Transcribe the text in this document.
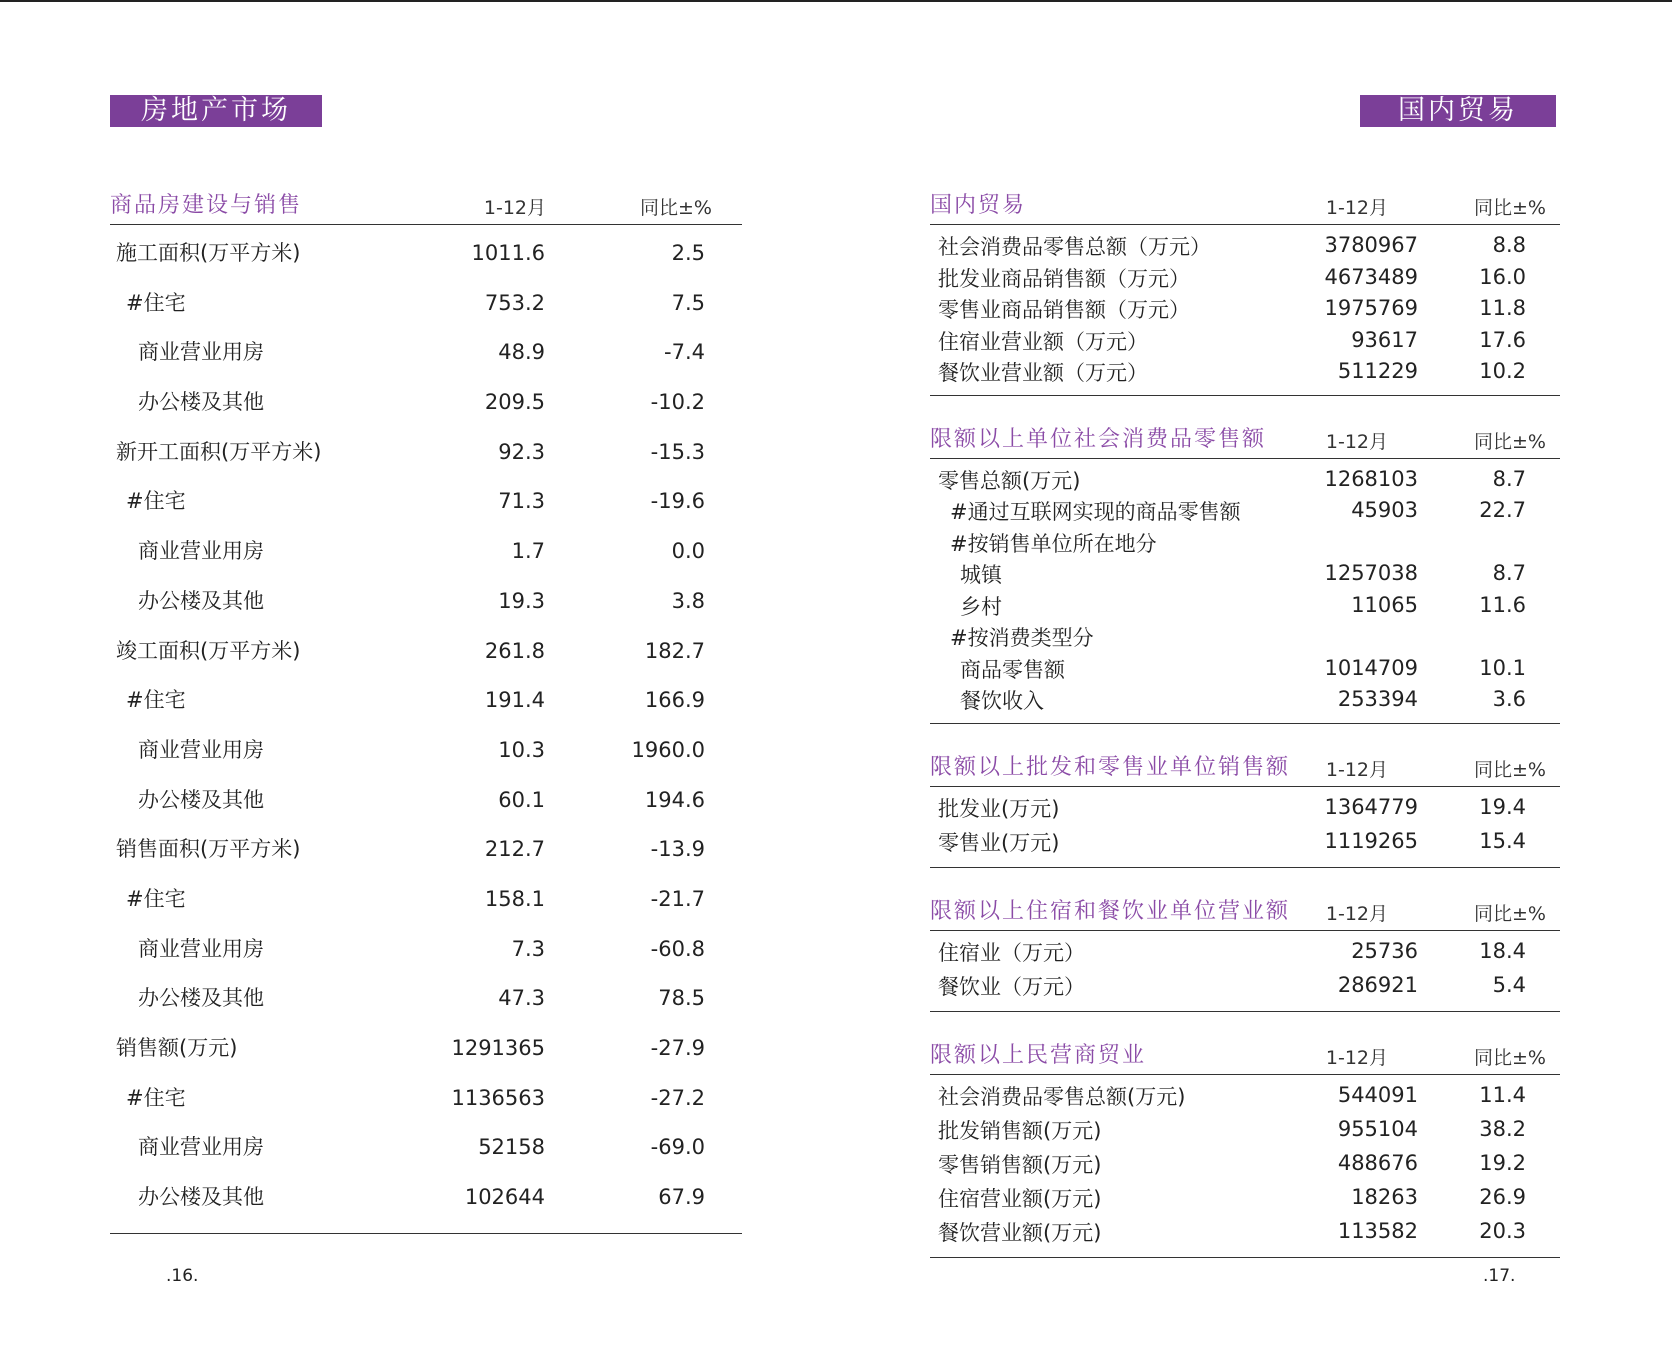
房地产市场
商品房建设与销售	1-12月	同比±%
施工面积(万平方米)	1011.6	2.5
#住宅	753.2	7.5
商业营业用房	48.9	-7.4
办公楼及其他	209.5	-10.2
新开工面积(万平方米)	92.3	-15.3
#住宅	71.3	-19.6
商业营业用房	1.7	0.0
办公楼及其他	19.3	3.8
竣工面积(万平方米)	261.8	182.7
#住宅	191.4	166.9
商业营业用房	10.3	1960.0
办公楼及其他	60.1	194.6
销售面积(万平方米)	212.7	-13.9
#住宅	158.1	-21.7
商业营业用房	7.3	-60.8
办公楼及其他	47.3	78.5
销售额(万元)	1291365	-27.9
#住宅	1136563	-27.2
商业营业用房	52158	-69.0
办公楼及其他	102644	67.9
.16.
国内贸易
国内贸易	1-12月	同比±%
社会消费品零售总额（万元）	3780967	8.8
批发业商品销售额（万元）	4673489	16.0
零售业商品销售额（万元）	1975769	11.8
住宿业营业额（万元）	93617	17.6
餐饮业营业额（万元）	511229	10.2
限额以上单位社会消费品零售额	1-12月	同比±%
零售总额(万元)	1268103	8.7
#通过互联网实现的商品零售额	45903	22.7
#按销售单位所在地分
城镇	1257038	8.7
乡村	11065	11.6
#按消费类型分
商品零售额	1014709	10.1
餐饮收入	253394	3.6
限额以上批发和零售业单位销售额 1-12月	同比±%
批发业(万元)	1364779	19.4
零售业(万元)	1119265	15.4
限额以上住宿和餐饮业单位营业额 1-12月	同比±%
住宿业（万元）	25736	18.4
餐饮业（万元）	286921	5.4
限额以上民营商贸业	1-12月	同比±%
社会消费品零售总额(万元)	544091	11.4
批发销售额(万元)	955104	38.2
零售销售额(万元)	488676	19.2
住宿营业额(万元)	18263	26.9
餐饮营业额(万元)	113582	20.3
.17.
